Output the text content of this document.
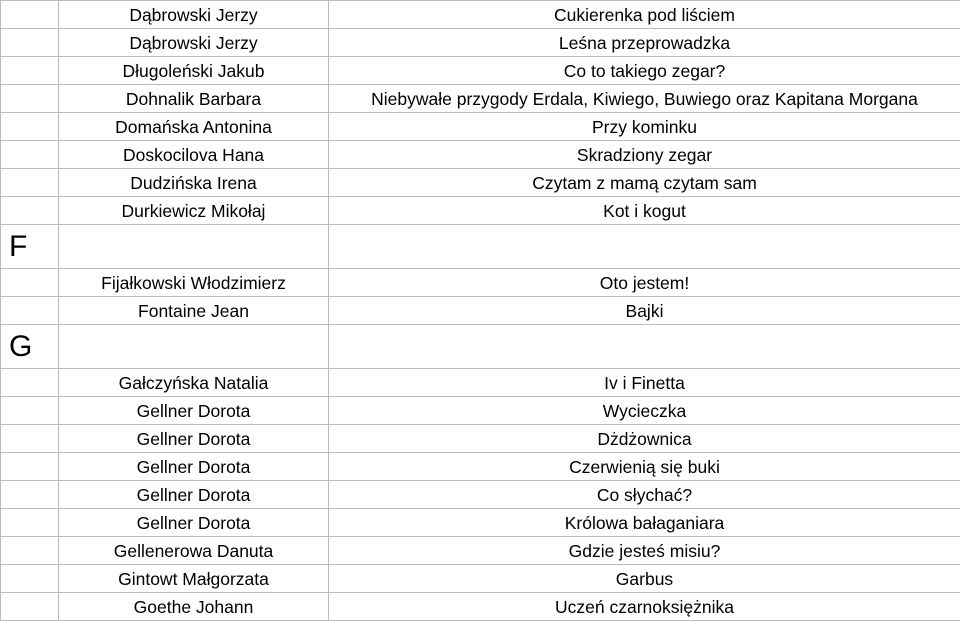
	Dąbrowski Jerzy	Cukierenka pod liściem
	Dąbrowski Jerzy	Leśna przeprowadzka
	Długoleński Jakub	Co to takiego zegar?
	Dohnalik Barbara	Niebywałe przygody Erdala, Kiwiego, Buwiego oraz Kapitana Morgana
	Domańska Antonina	Przy kominku
	Doskocilova Hana	Skradziony zegar
	Dudzińska Irena	Czytam z mamą czytam sam
	Durkiewicz Mikołaj	Kot i kogut
F		
	Fijałkowski Włodzimierz	Oto jestem!
	Fontaine Jean	Bajki
G		
	Gałczyńska Natalia	Iv i Finetta
	Gellner Dorota	Wycieczka
	Gellner Dorota	Dżdżownica
	Gellner Dorota	Czerwienią się buki
	Gellner Dorota	Co słychać?
	Gellner Dorota	Królowa bałaganiara
	Gellenerowa Danuta	Gdzie jesteś misiu?
	Gintowt Małgorzata	Garbus
	Goethe Johann	Uczeń czarnoksiężnika
